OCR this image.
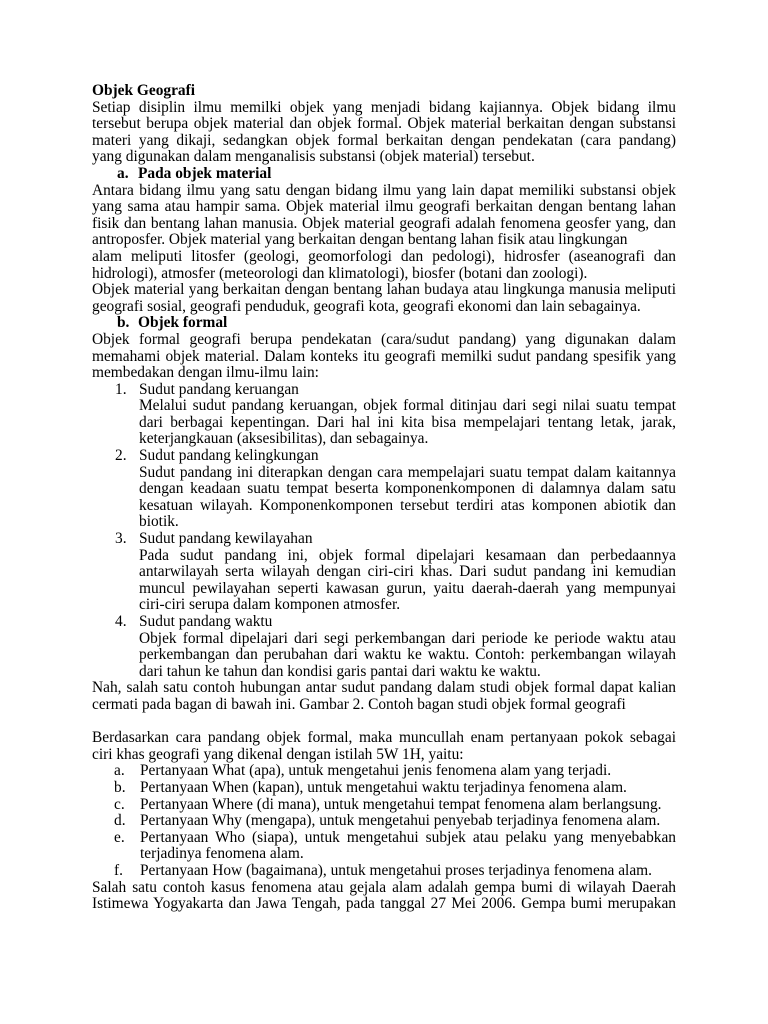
Objek Geografi
Setiap disiplin ilmu memilki objek yang menjadi bidang kajiannya. Objek bidang ilmu
tersebut berupa objek material dan objek formal. Objek material berkaitan dengan substansi
materi yang dikaji, sedangkan objek formal berkaitan dengan pendekatan (cara pandang)
yang digunakan dalam menganalisis substansi (objek material) tersebut.
a. Pada objek material
Antara bidang ilmu yang satu dengan bidang ilmu yang lain dapat memiliki substansi objek
yang sama atau hampir sama. Objek material ilmu geografi berkaitan dengan bentang lahan
fisik dan bentang lahan manusia. Objek material geografi adalah fenomena geosfer yang, dan
antroposfer. Objek material yang berkaitan dengan bentang lahan fisik atau lingkungan
alam meliputi litosfer (geologi, geomorfologi dan pedologi), hidrosfer (aseanografi dan
hidrologi), atmosfer (meteorologi dan klimatologi), biosfer (botani dan zoologi).
Objek material yang berkaitan dengan bentang lahan budaya atau lingkunga manusia meliputi
geografi sosial, geografi penduduk, geografi kota, geografi ekonomi dan lain sebagainya.
b. Objek formal
Objek formal geografi berupa pendekatan (cara/sudut pandang) yang digunakan dalam
memahami objek material. Dalam konteks itu geografi memilki sudut pandang spesifik yang
membedakan dengan ilmu-ilmu lain:
1. Sudut pandang keruangan
Melalui sudut pandang keruangan, objek formal ditinjau dari segi nilai suatu tempat
dari berbagai kepentingan. Dari hal ini kita bisa mempelajari tentang letak, jarak,
keterjangkauan (aksesibilitas), dan sebagainya.
2. Sudut pandang kelingkungan
Sudut pandang ini diterapkan dengan cara mempelajari suatu tempat dalam kaitannya
dengan keadaan suatu tempat beserta komponenkomponen di dalamnya dalam satu
kesatuan wilayah. Komponenkomponen tersebut terdiri atas komponen abiotik dan
biotik.
3. Sudut pandang kewilayahan
Pada sudut pandang ini, objek formal dipelajari kesamaan dan perbedaannya
antarwilayah serta wilayah dengan ciri-ciri khas. Dari sudut pandang ini kemudian
muncul pewilayahan seperti kawasan gurun, yaitu daerah-daerah yang mempunyai
ciri-ciri serupa dalam komponen atmosfer.
4. Sudut pandang waktu
Objek formal dipelajari dari segi perkembangan dari periode ke periode waktu atau
perkembangan dan perubahan dari waktu ke waktu. Contoh: perkembangan wilayah
dari tahun ke tahun dan kondisi garis pantai dari waktu ke waktu.
Nah, salah satu contoh hubungan antar sudut pandang dalam studi objek formal dapat kalian
cermati pada bagan di bawah ini. Gambar 2. Contoh bagan studi objek formal geografi
Berdasarkan cara pandang objek formal, maka muncullah enam pertanyaan pokok sebagai
ciri khas geografi yang dikenal dengan istilah 5W 1H, yaitu:
a. Pertanyaan What (apa), untuk mengetahui jenis fenomena alam yang terjadi.
b. Pertanyaan When (kapan), untuk mengetahui waktu terjadinya fenomena alam.
c. Pertanyaan Where (di mana), untuk mengetahui tempat fenomena alam berlangsung.
d. Pertanyaan Why (mengapa), untuk mengetahui penyebab terjadinya fenomena alam.
e. Pertanyaan Who (siapa), untuk mengetahui subjek atau pelaku yang menyebabkan
terjadinya fenomena alam.
f.	Pertanyaan How (bagaimana), untuk mengetahui proses terjadinya fenomena alam.
Salah satu contoh kasus fenomena atau gejala alam adalah gempa bumi di wilayah Daerah
Istimewa Yogyakarta dan Jawa Tengah, pada tanggal 27 Mei 2006. Gempa bumi merupakan
